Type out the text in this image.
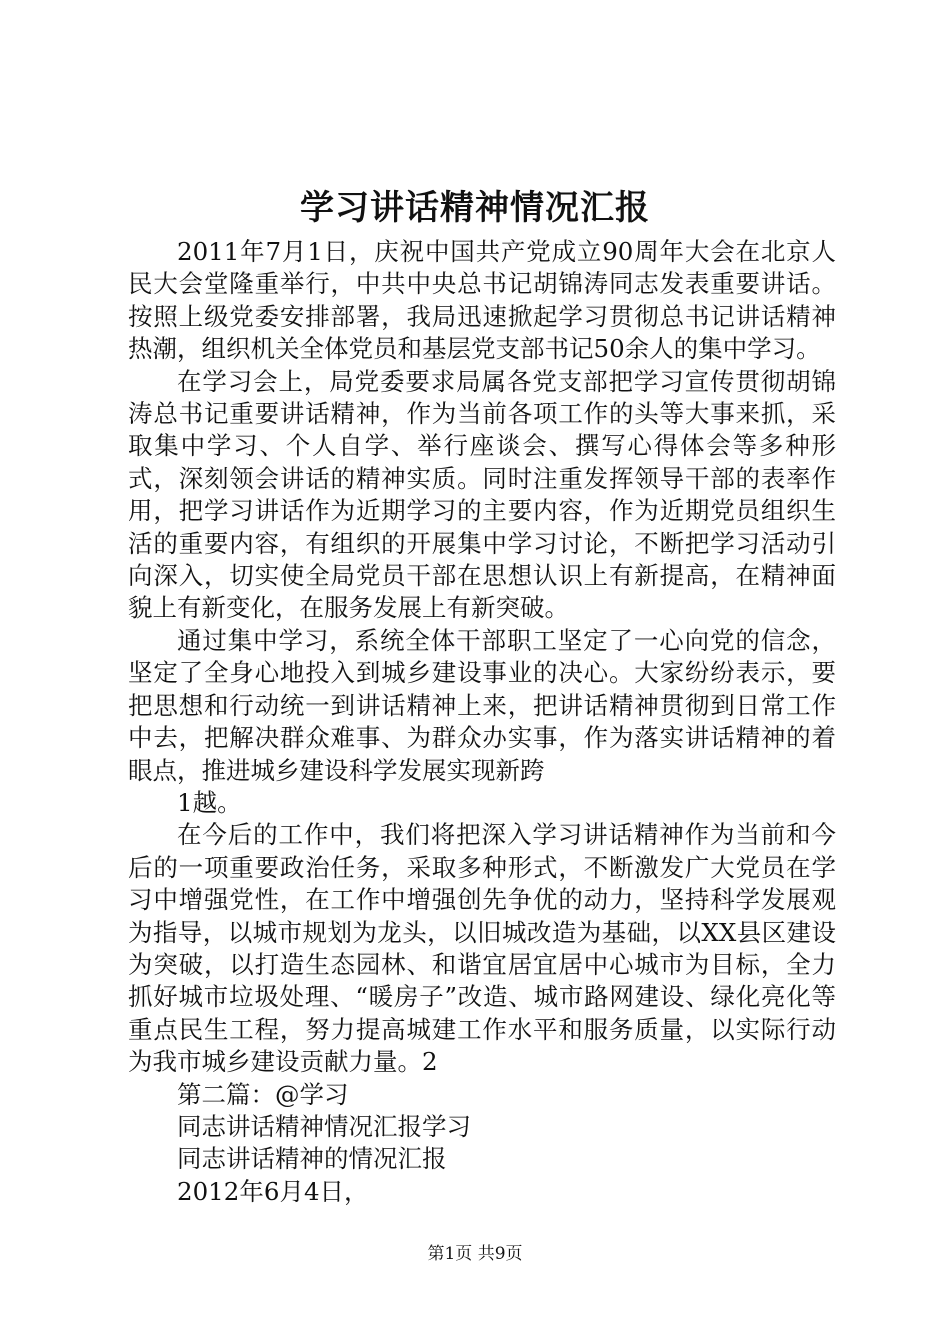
学习讲话精神情况汇报

2011年7月1日，庆祝中国共产党成立90周年大会在北京人民大会堂隆重举行，中共中央总书记胡锦涛同志发表重要讲话。按照上级党委安排部署，我局迅速掀起学习贯彻总书记讲话精神热潮，组织机关全体党员和基层党支部书记50余人的集中学习。

在学习会上，局党委要求局属各党支部把学习宣传贯彻胡锦涛总书记重要讲话精神，作为当前各项工作的头等大事来抓，采取集中学习、个人自学、举行座谈会、撰写心得体会等多种形式，深刻领会讲话的精神实质。同时注重发挥领导干部的表率作用，把学习讲话作为近期学习的主要内容，作为近期党员组织生活的重要内容，有组织的开展集中学习讨论，不断把学习活动引向深入，切实使全局党员干部在思想认识上有新提高，在精神面貌上有新变化，在服务发展上有新突破。

通过集中学习，系统全体干部职工坚定了一心向党的信念，坚定了全身心地投入到城乡建设事业的决心。大家纷纷表示，要把思想和行动统一到讲话精神上来，把讲话精神贯彻到日常工作中去，把解决群众难事、为群众办实事，作为落实讲话精神的着眼点，推进城乡建设科学发展实现新跨

1越。

在今后的工作中，我们将把深入学习讲话精神作为当前和今后的一项重要政治任务，采取多种形式，不断激发广大党员在学习中增强党性，在工作中增强创先争优的动力，坚持科学发展观为指导，以城市规划为龙头，以旧城改造为基础，以XX县区建设为突破，以打造生态园林、和谐宜居宜居中心城市为目标，全力抓好城市垃圾处理、“暖房子”改造、城市路网建设、绿化亮化等重点民生工程，努力提高城建工作水平和服务质量，以实际行动为我市城乡建设贡献力量。2

第二篇：@学习

同志讲话精神情况汇报学习

同志讲话精神的情况汇报

2012年6月4日，

第1页 共9页
